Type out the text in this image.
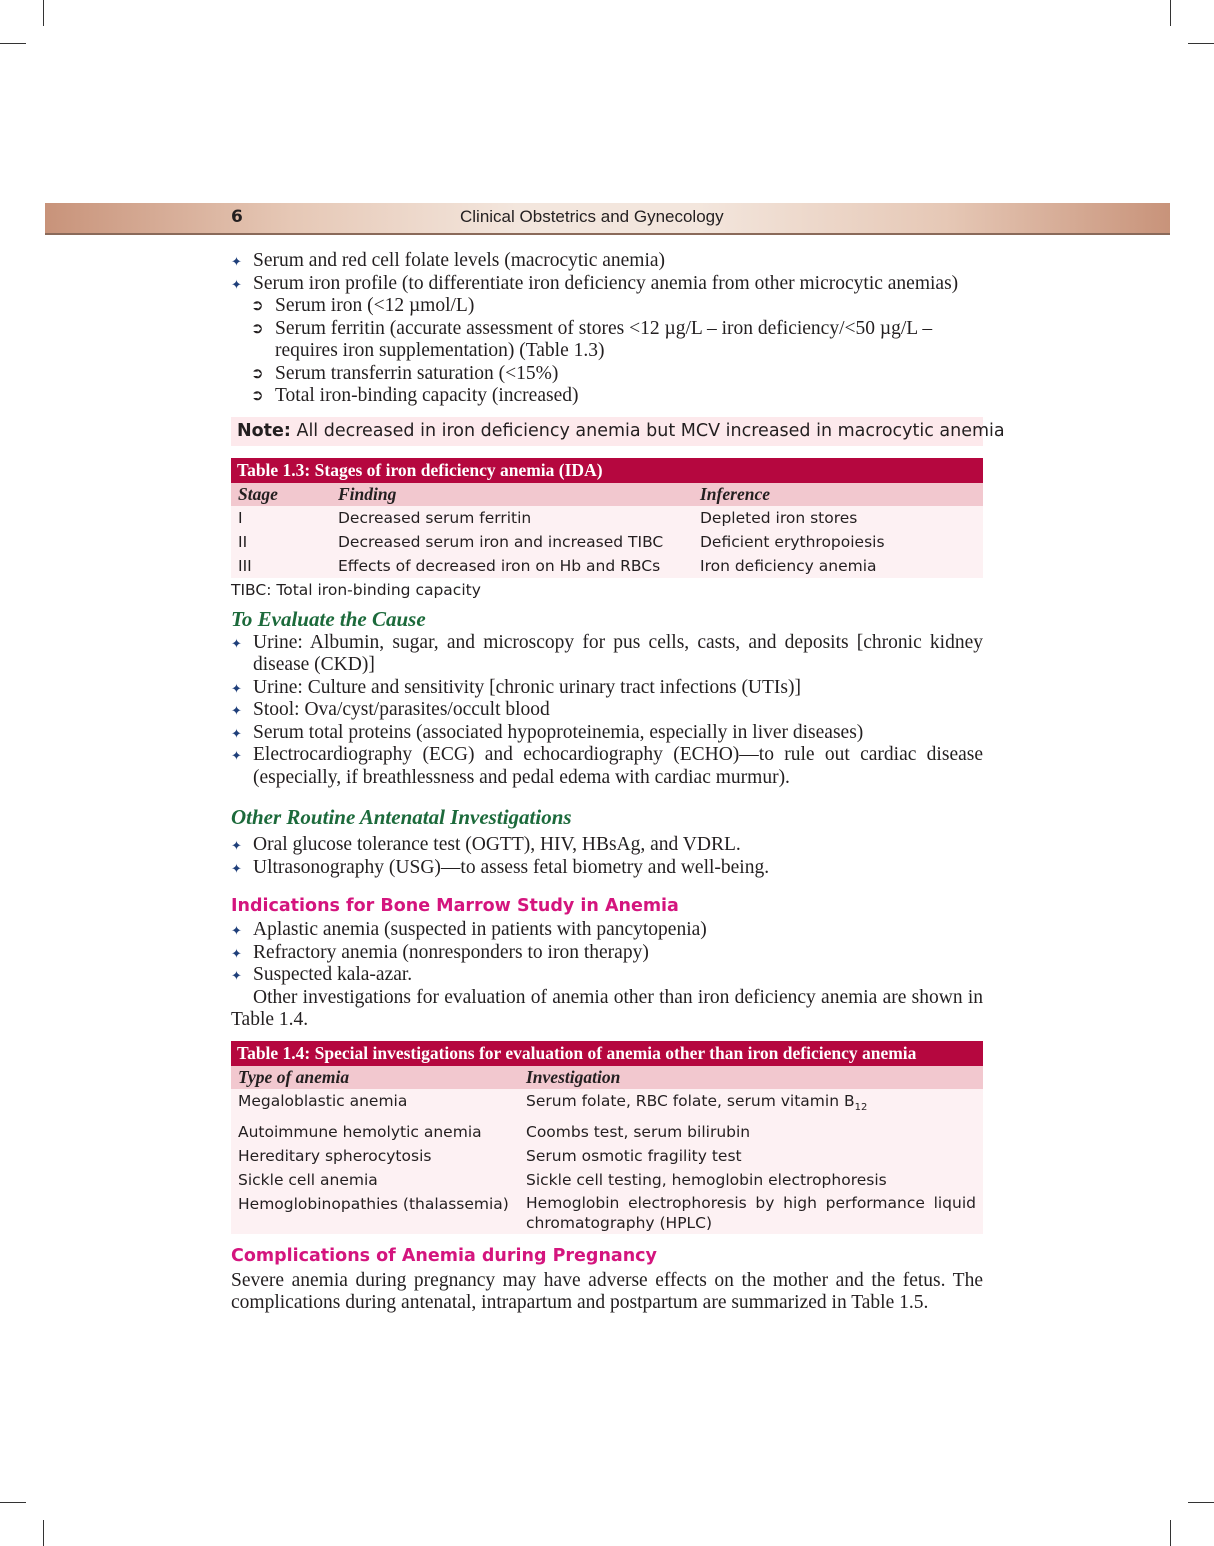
6	Clinical Obstetrics and Gynecology
✦ Serum and red cell folate levels (macrocytic anemia)
✦ Serum iron profile (to differentiate iron deficiency anemia from other microcytic anemias)
➲ Serum iron (<12 µmol/L)
➲ Serum ferritin (accurate assessment of stores <12 µg/L – iron deficiency/<50 µg/L – requires iron supplementation) (Table 1.3)
➲ Serum transferrin saturation (<15%)
➲ Total iron-binding capacity (increased)
Note: All decreased in iron deficiency anemia but MCV increased in macrocytic anemia
Table 1.3: Stages of iron deficiency anemia (IDA)
Stage	Finding	Inference
I	Decreased serum ferritin	Depleted iron stores
II	Decreased serum iron and increased TIBC	Deficient erythropoiesis
III	Effects of decreased iron on Hb and RBCs	Iron deficiency anemia
TIBC: Total iron-binding capacity
To Evaluate the Cause
✦ Urine: Albumin, sugar, and microscopy for pus cells, casts, and deposits [chronic kidney disease (CKD)]
✦ Urine: Culture and sensitivity [chronic urinary tract infections (UTIs)]
✦ Stool: Ova/cyst/parasites/occult blood
✦ Serum total proteins (associated hypoproteinemia, especially in liver diseases)
✦ Electrocardiography (ECG) and echocardiography (ECHO)—to rule out cardiac disease (especially, if breathlessness and pedal edema with cardiac murmur).
Other Routine Antenatal Investigations
✦ Oral glucose tolerance test (OGTT), HIV, HBsAg, and VDRL.
✦ Ultrasonography (USG)—to assess fetal biometry and well-being.
Indications for Bone Marrow Study in Anemia
✦ Aplastic anemia (suspected in patients with pancytopenia)
✦ Refractory anemia (nonresponders to iron therapy)
✦ Suspected kala-azar.

Other investigations for evaluation of anemia other than iron deficiency anemia are shown in Table 1.4.

Table 1.4: Special investigations for evaluation of anemia other than iron deficiency anemia
Type of anemia	Investigation
Megaloblastic anemia	Serum folate, RBC folate, serum vitamin $B_{12}$
Autoimmune hemolytic anemia	Coombs test, serum bilirubin
Hereditary spherocytosis	Serum osmotic fragility test
Sickle cell anemia	Sickle cell testing, hemoglobin electrophoresis
Hemoglobinopathies (thalassemia)	Hemoglobin electrophoresis by high performance liquid chromatography (HPLC)
Complications of Anemia during Pregnancy

Severe anemia during pregnancy may have adverse effects on the mother and the fetus. The complications during antenatal, intrapartum and postpartum are summarized in Table 1.5.
